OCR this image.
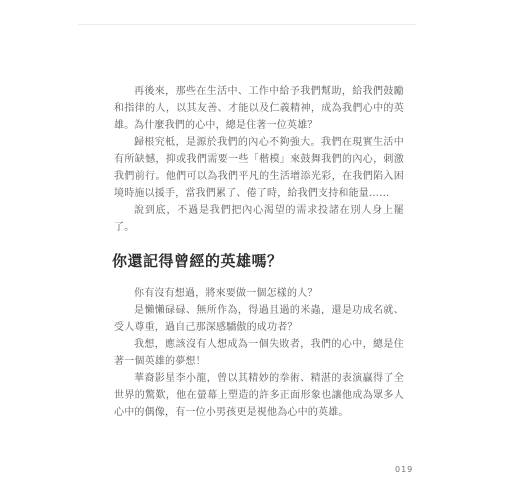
再後來，那些在生活中、工作中給予我們幫助，給我們鼓勵和指律的人，以其友善、才能以及仁義精神，成為我們心中的英雄。 為什麼我們的心中，總是住著一位英雄？

歸根究柢，是源於我們的內心不夠強大。我們在現實生活中有所缺憾，抑或我們需要一些「楷模」來鼓舞我們的內心，刺激我們前行。他們可以為我們平凡的生活增添光彩，在我們陷入困境時施以援手，當我們累了、倦了時，給我們支持和能量……

說到底，不過是我們把內心渴望的需求投諸在別人身上罷了。

你還記得曾經的英雄嗎？

你有沒有想過，將來要做一個怎樣的人？

是懶懶碌碌、無所作為，得過且過的米蟲，還是功成名就、受人尊重，過自己那深感驕傲的成功者？

我想，應該沒有人想成為一個失敗者，我們的心中，總是住著一個英雄的夢想！

華裔影星李小龍，曾以其精妙的拳術、精湛的表演贏得了全世界的驚歎，他在螢幕上塑造的許多正面形象也讓他成為眾多人心中的偶像，有一位小男孩更是視他為心中的英雄。

019
